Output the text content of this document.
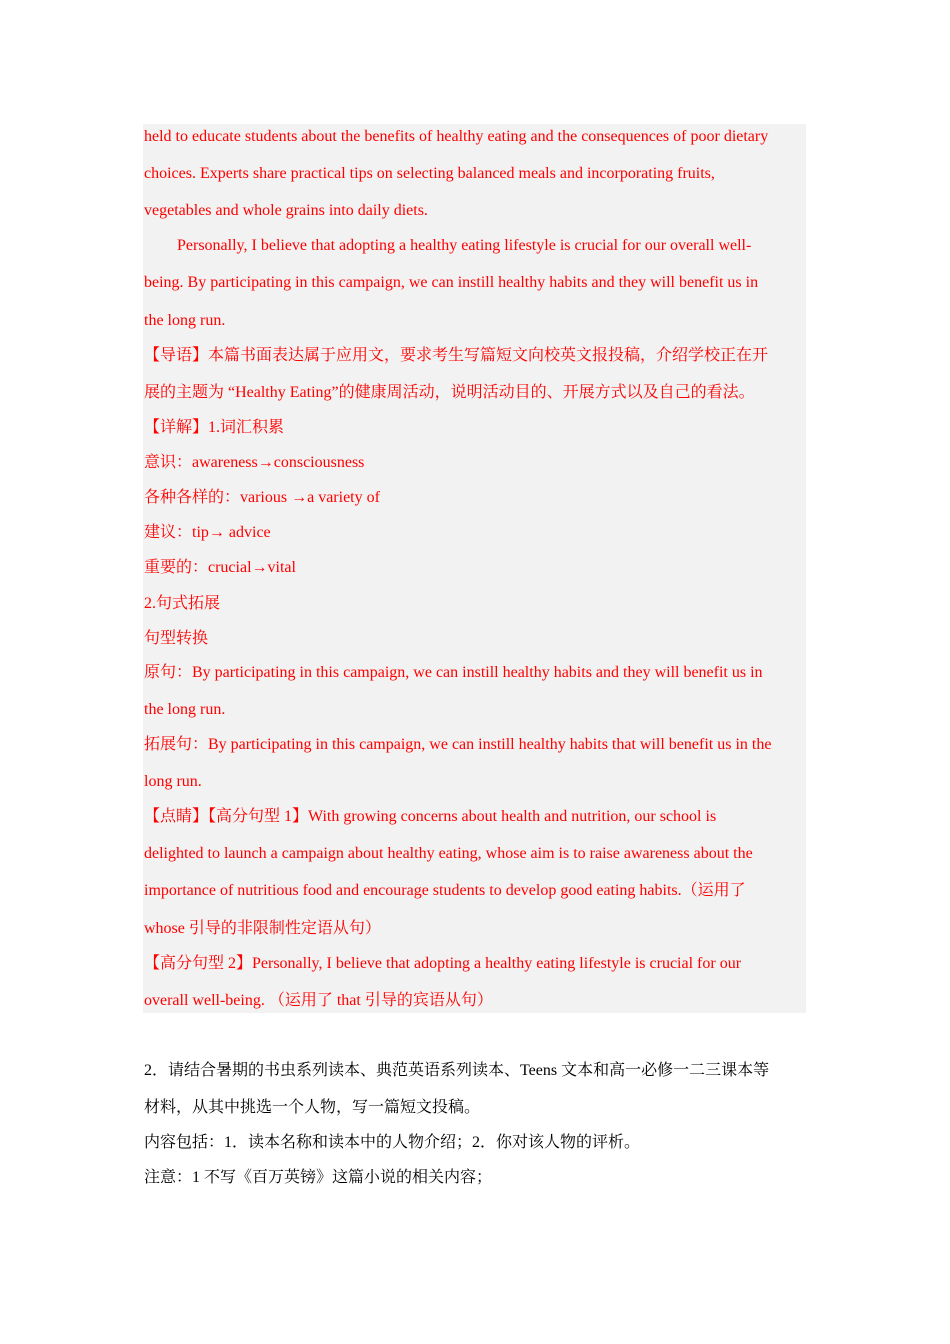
held to educate students about the benefits of healthy eating and the consequences of poor dietary
choices. Experts share practical tips on selecting balanced meals and incorporating fruits,
vegetables and whole grains into daily diets.
Personally, I believe that adopting a healthy eating lifestyle is crucial for our overall well-
being. By participating in this campaign, we can instill healthy habits and they will benefit us in
the long run.
【导语】本篇书面表达属于应用文，要求考生写篇短文向校英文报投稿，介绍学校正在开
展的主题为 “Healthy Eating”的健康周活动，说明活动目的、开展方式以及自己的看法。
【详解】1.词汇积累
意识：awareness→consciousness
各种各样的：various →a variety of
建议：tip→ advice
重要的：crucial→vital
2.句式拓展
句型转换
原句：By participating in this campaign, we can instill healthy habits and they will benefit us in
the long run.
拓展句：By participating in this campaign, we can instill healthy habits that will benefit us in the
long run.
【点睛】【高分句型 1】With growing concerns about health and nutrition, our school is
delighted to launch a campaign about healthy eating, whose aim is to raise awareness about the
importance of nutritious food and encourage students to develop good eating habits.（运用了
whose 引导的非限制性定语从句）
【高分句型 2】Personally, I believe that adopting a healthy eating lifestyle is crucial for our
overall well-being. （运用了 that 引导的宾语从句）
2．请结合暑期的书虫系列读本、典范英语系列读本、Teens 文本和高一必修一二三课本等
材料，从其中挑选一个人物，写一篇短文投稿。
内容包括：1．读本名称和读本中的人物介绍；2．你对该人物的评析。
注意：1 不写《百万英镑》这篇小说的相关内容；
